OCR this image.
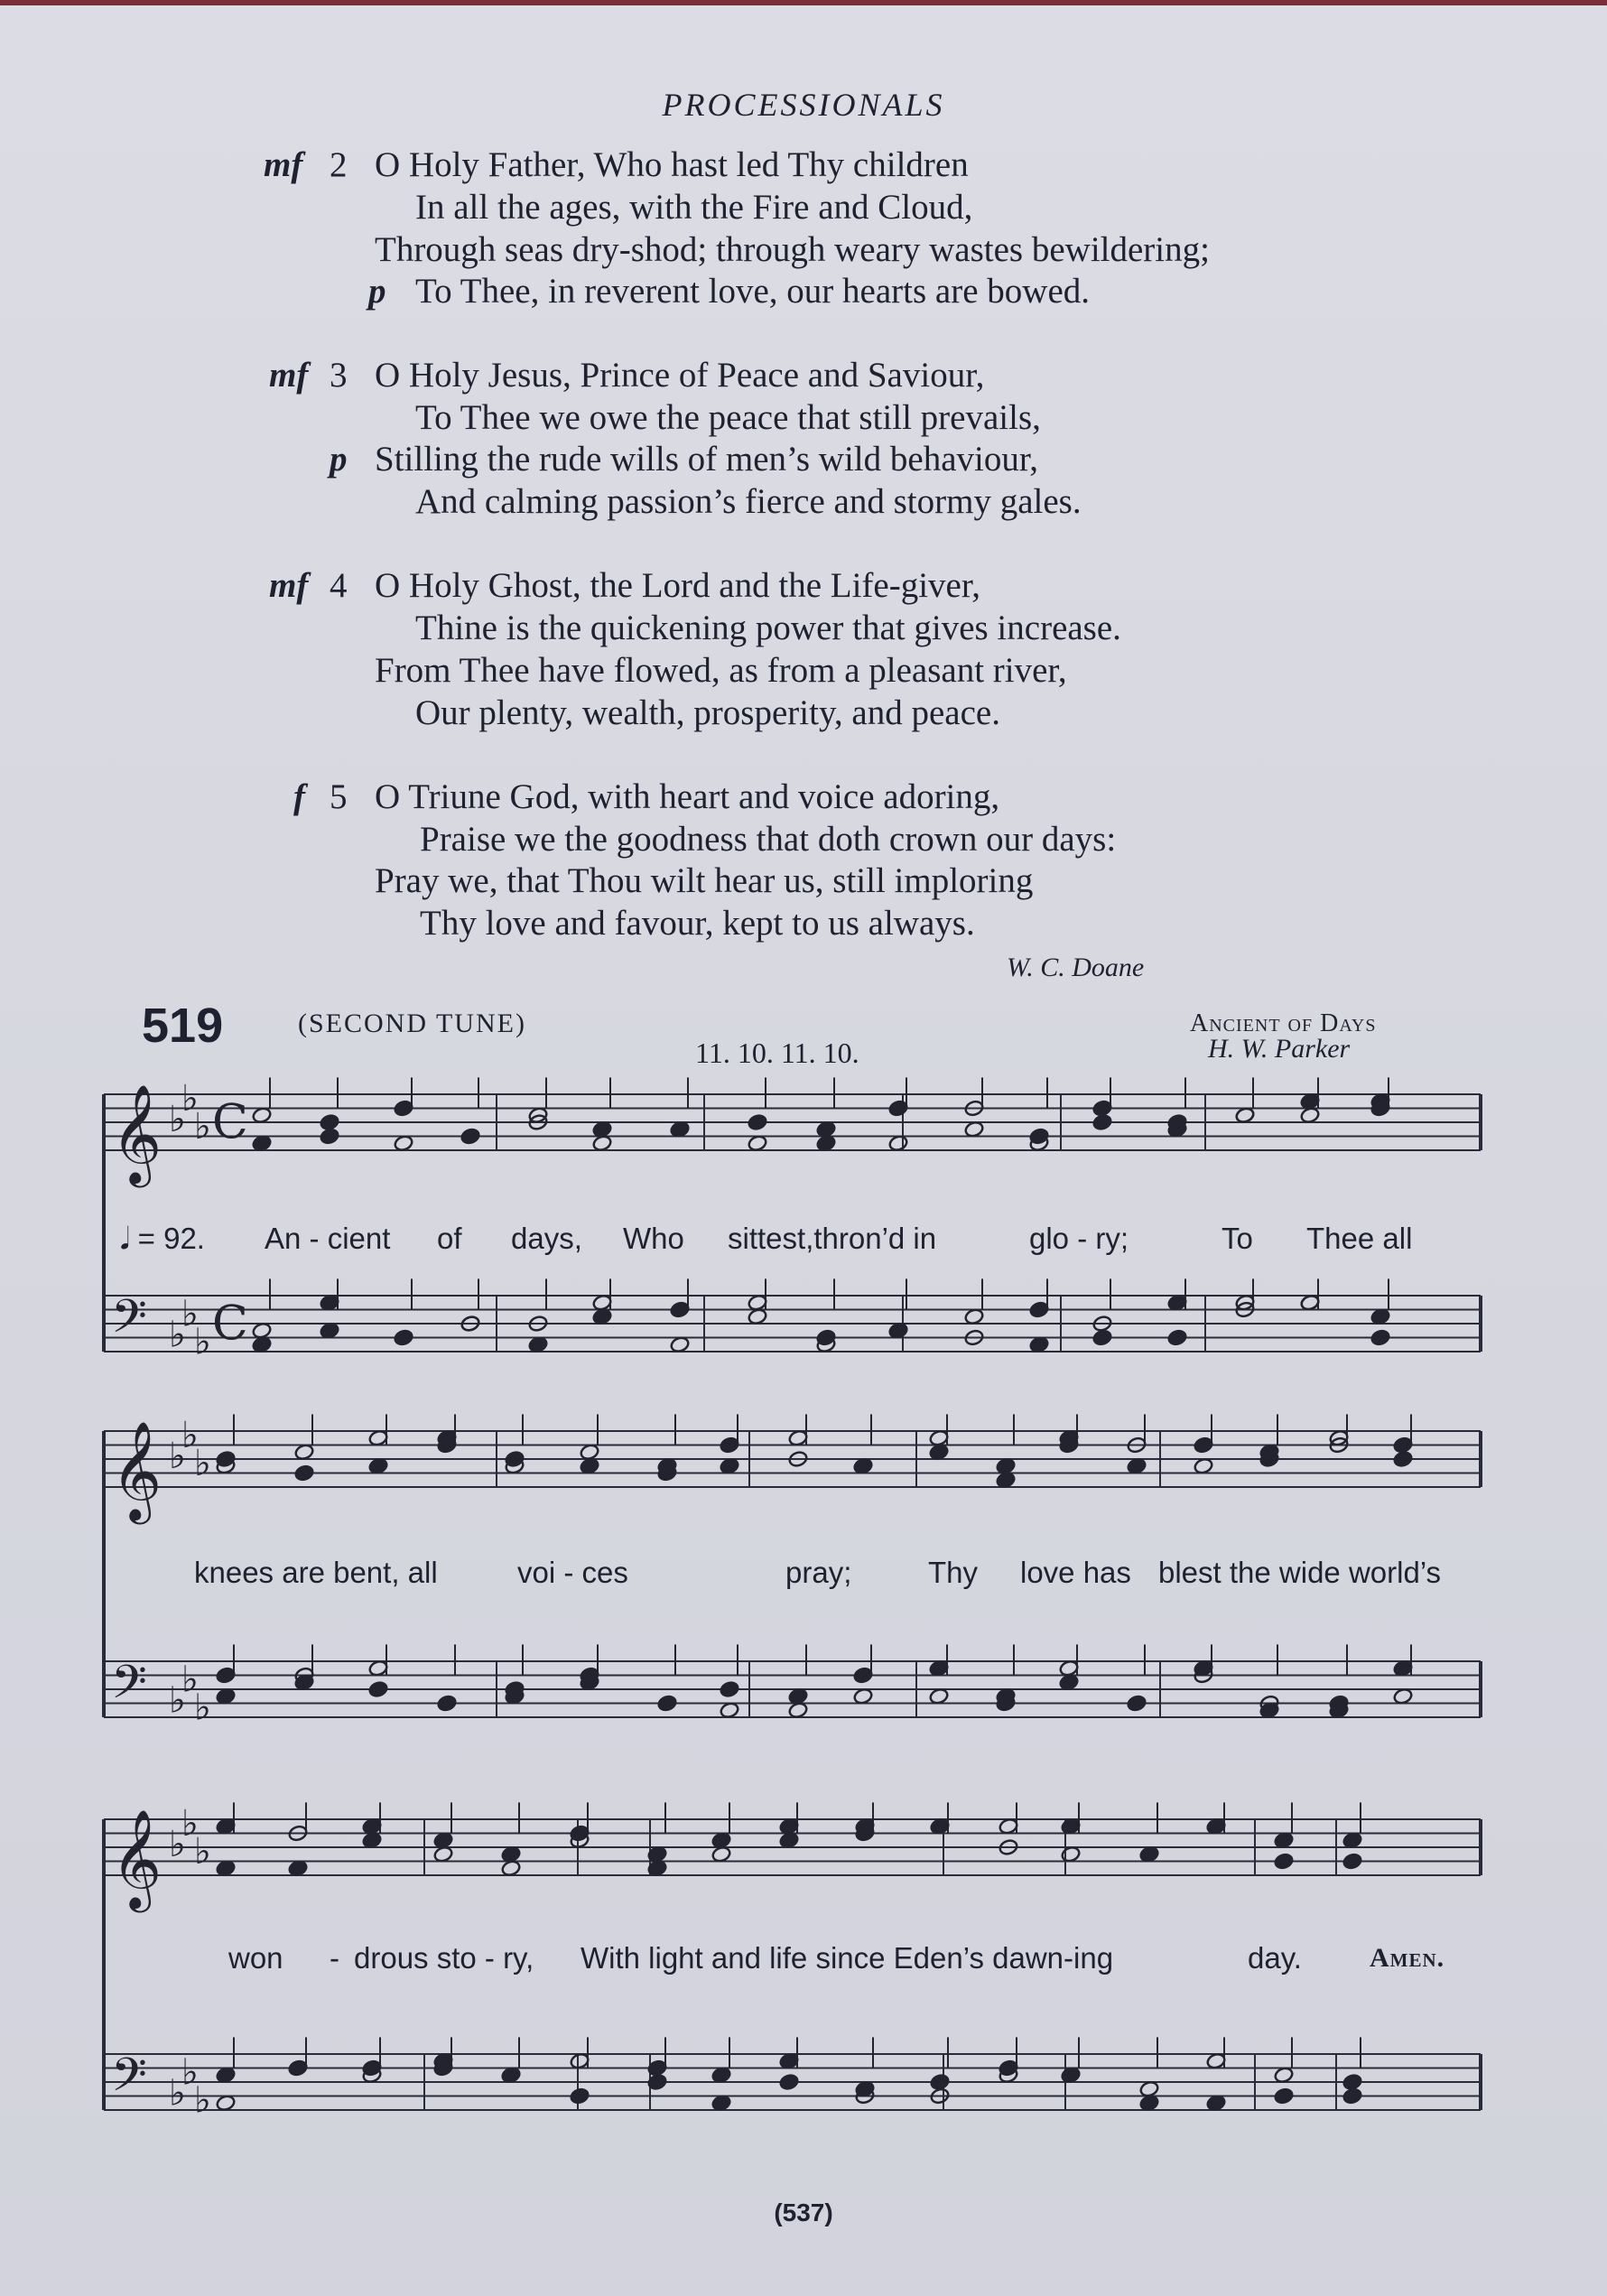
PROCESSIONALS
mf 2 O Holy Father, Who hast led Thy children
In all the ages, with the Fire and Cloud,
Through seas dry-shod; through weary wastes bewildering;
p To Thee, in reverent love, our hearts are bowed.
mf 3 O Holy Jesus, Prince of Peace and Saviour,
To Thee we owe the peace that still prevails,
p Stilling the rude wills of men’s wild behaviour,
And calming passion’s fierce and stormy gales.
mf 4 O Holy Ghost, the Lord and the Life-giver,
Thine is the quickening power that gives increase.
From Thee have flowed, as from a pleasant river,
Our plenty, wealth, prosperity, and peace.
f 5 O Triune God, with heart and voice adoring,
Praise we the goodness that doth crown our days:
Pray we, that Thou wilt hear us, still imploring
Thy love and favour, kept to us always.
W. C. Doane
519	(SECOND TUNE)
11. 10. 11. 10.
Ancient of Days
H. W. Parker
𝄞 ♭
♭
♭ C
𝄢 ♭
♭
♭ C
𝄞 ♭
♭
♭
𝄢 ♭
♭
♭
𝄞 ♭
♭
♭
𝄢 ♭
♭
♭
𝅘𝅥 = 92. An - cient of days, Who sittest,thron’d in	glo - ry;	To Thee all
knees are bent, all	voi - ces	pray;	Thy love has blest the wide world’s
won - drous sto - ry, With light and life since Eden’s dawn-ing	day.	Amen.
(537)
